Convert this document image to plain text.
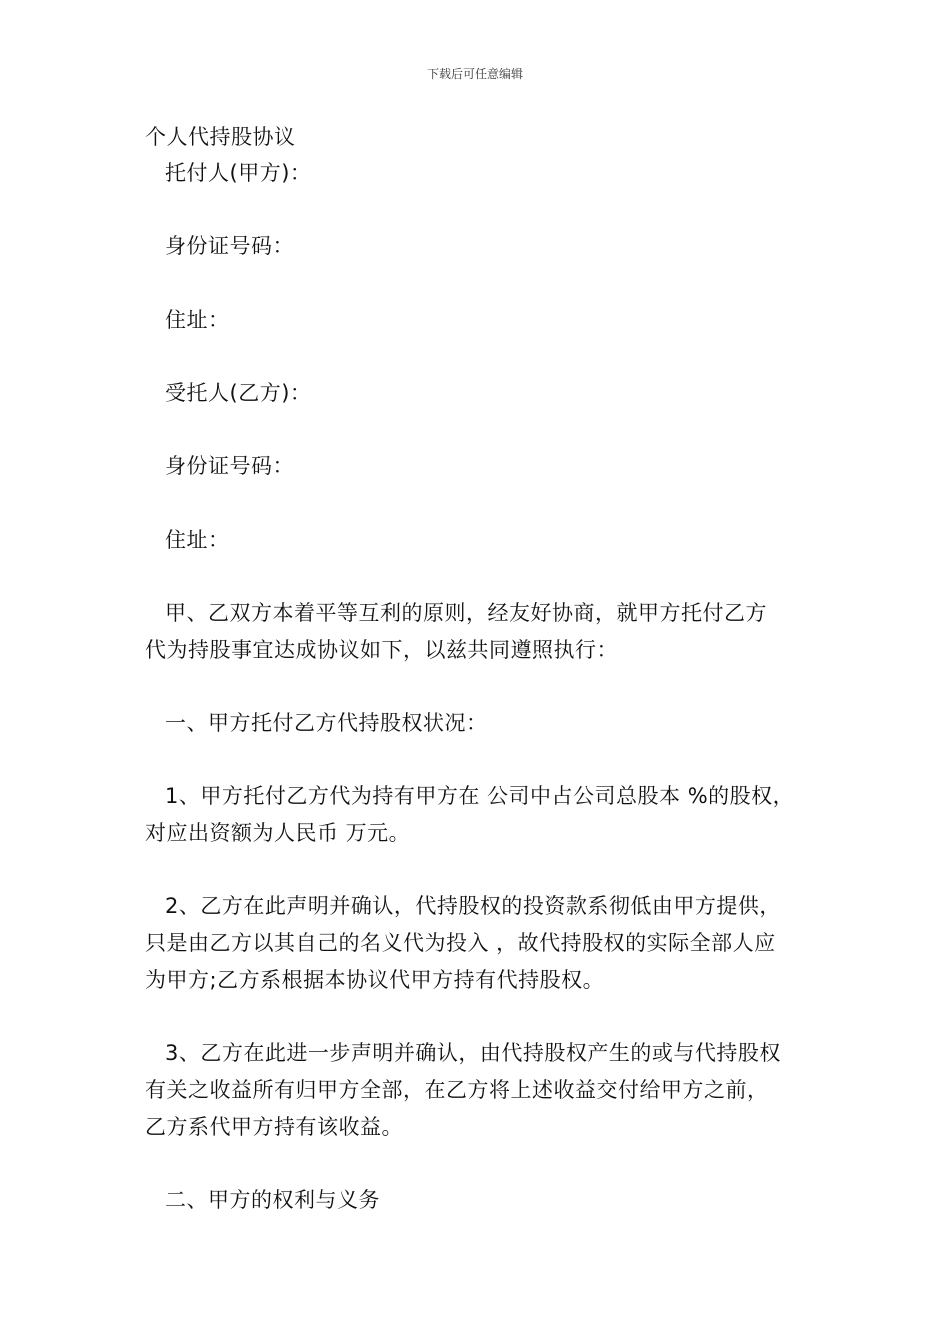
下载后可任意编辑
个人代持股协议
托付人(甲方)：
身份证号码：
住址：
受托人(乙方)：
身份证号码：
住址：
甲、乙双方本着平等互利的原则，经友好协商，就甲方托付乙方
代为持股事宜达成协议如下，以兹共同遵照执行：
一、甲方托付乙方代持股权状况：
1、甲方托付乙方代为持有甲方在 公司中占公司总股本 %的股权，
对应出资额为人民币 万元。
2、乙方在此声明并确认，代持股权的投资款系彻低由甲方提供，
只是由乙方以其自己的名义代为投入 ，故代持股权的实际全部人应
为甲方;乙方系根据本协议代甲方持有代持股权。
3、乙方在此进一步声明并确认，由代持股权产生的或与代持股权
有关之收益所有归甲方全部，在乙方将上述收益交付给甲方之前，
乙方系代甲方持有该收益。
二、甲方的权利与义务
